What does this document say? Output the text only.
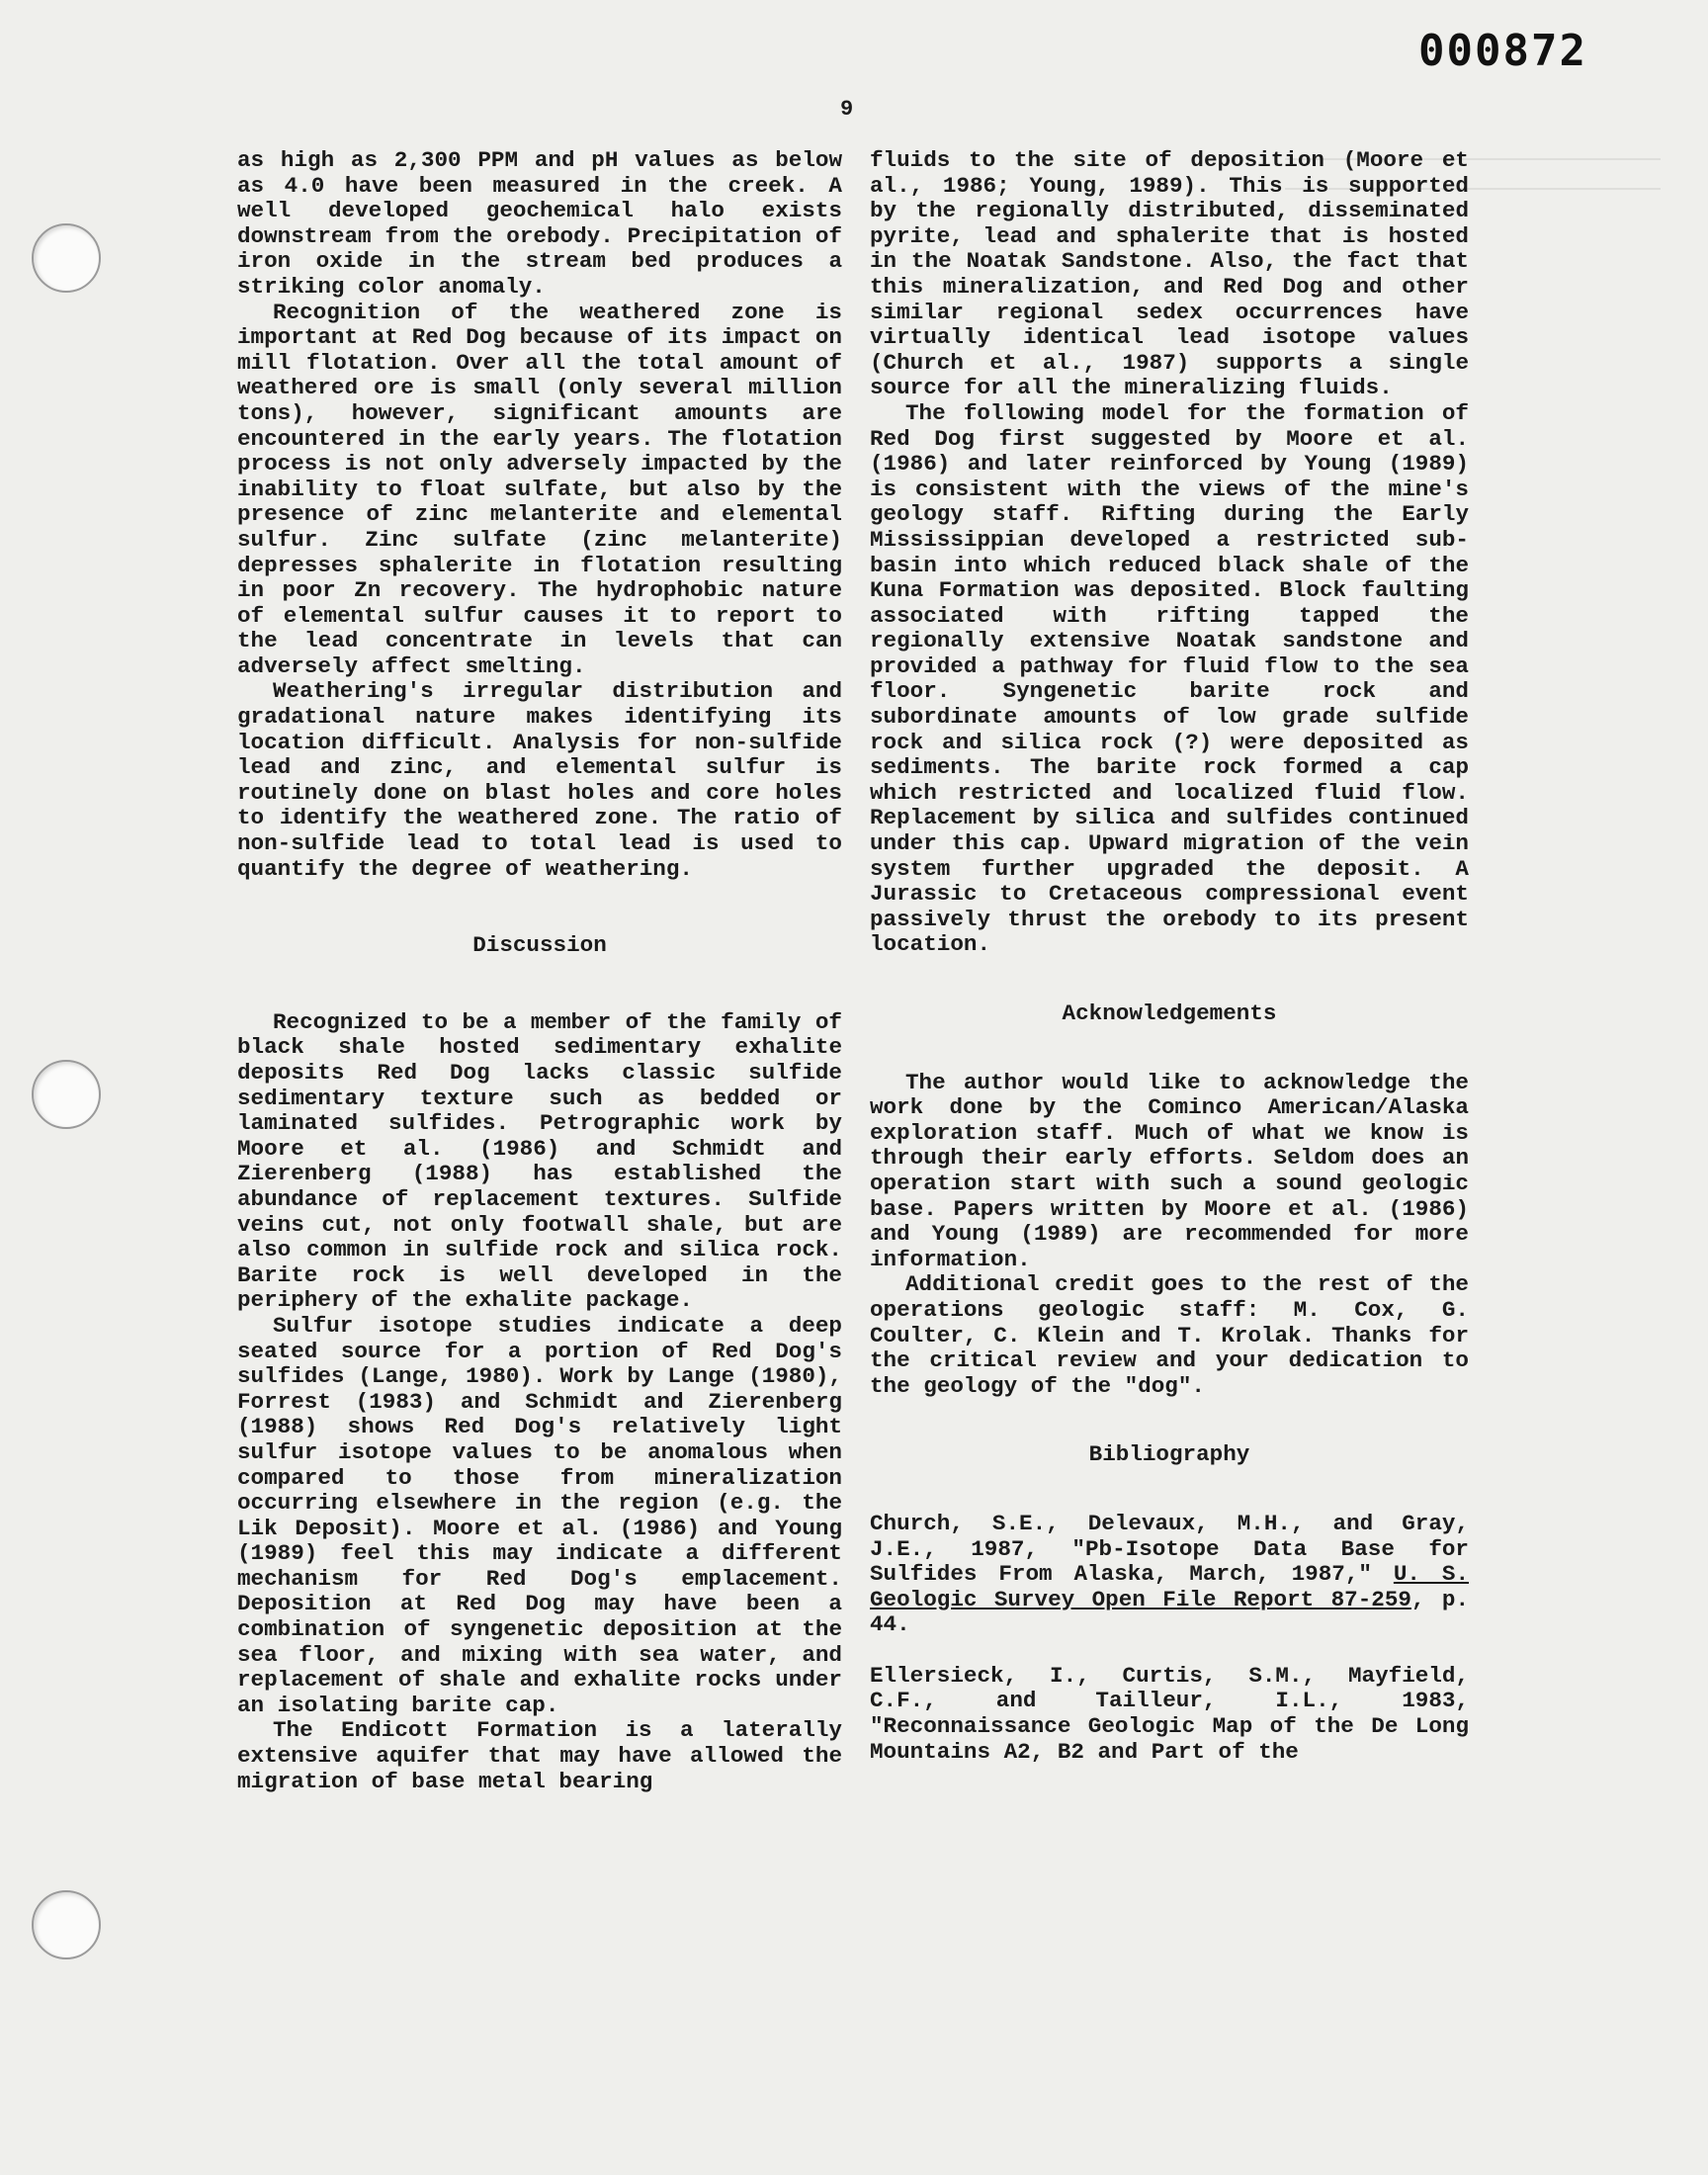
000872
9

as high as 2,300 PPM and pH values as below as 4.0 have been measured in the creek. A well developed geochemical halo exists downstream from the orebody. Precipitation of iron oxide in the stream bed produces a striking color anomaly.

Recognition of the weathered zone is important at Red Dog because of its impact on mill flotation. Over all the total amount of weathered ore is small (only several million tons), however, significant amounts are encountered in the early years. The flotation process is not only adversely impacted by the inability to float sulfate, but also by the presence of zinc melanterite and elemental sulfur. Zinc sulfate (zinc melanterite) depresses sphalerite in flotation resulting in poor Zn recovery. The hydrophobic nature of elemental sulfur causes it to report to the lead concentrate in levels that can adversely affect smelting.

Weathering's irregular distribution and gradational nature makes identifying its location difficult. Analysis for non-sulfide lead and zinc, and elemental sulfur is routinely done on blast holes and core holes to identify the weathered zone. The ratio of non-sulfide lead to total lead is used to quantify the degree of weathering.

Discussion

Recognized to be a member of the family of black shale hosted sedimentary exhalite deposits Red Dog lacks classic sulfide sedimentary texture such as bedded or laminated sulfides. Petrographic work by Moore et al. (1986) and Schmidt and Zierenberg (1988) has established the abundance of replacement textures. Sulfide veins cut, not only footwall shale, but are also common in sulfide rock and silica rock. Barite rock is well developed in the periphery of the exhalite package.

Sulfur isotope studies indicate a deep seated source for a portion of Red Dog's sulfides (Lange, 1980). Work by Lange (1980), Forrest (1983) and Schmidt and Zierenberg (1988) shows Red Dog's relatively light sulfur isotope values to be anomalous when compared to those from mineralization occurring elsewhere in the region (e.g. the Lik Deposit). Moore et al. (1986) and Young (1989) feel this may indicate a different mechanism for Red Dog's emplacement. Deposition at Red Dog may have been a combination of syngenetic deposition at the sea floor, and mixing with sea water, and replacement of shale and exhalite rocks under an isolating barite cap.

The Endicott Formation is a laterally extensive aquifer that may have allowed the migration of base metal bearing

fluids to the site of deposition (Moore et al., 1986; Young, 1989). This is supported by the regionally distributed, disseminated pyrite, lead and sphalerite that is hosted in the Noatak Sandstone. Also, the fact that this mineralization, and Red Dog and other similar regional sedex occurrences have virtually identical lead isotope values (Church et al., 1987) supports a single source for all the mineralizing fluids.

The following model for the formation of Red Dog first suggested by Moore et al. (1986) and later reinforced by Young (1989) is consistent with the views of the mine's geology staff. Rifting during the Early Mississippian developed a restricted sub-basin into which reduced black shale of the Kuna Formation was deposited. Block faulting associated with rifting tapped the regionally extensive Noatak sandstone and provided a pathway for fluid flow to the sea floor. Syngenetic barite rock and subordinate amounts of low grade sulfide rock and silica rock (?) were deposited as sediments. The barite rock formed a cap which restricted and localized fluid flow. Replacement by silica and sulfides continued under this cap. Upward migration of the vein system further upgraded the deposit. A Jurassic to Cretaceous compressional event passively thrust the orebody to its present location.

Acknowledgements

The author would like to acknowledge the work done by the Cominco American/Alaska exploration staff. Much of what we know is through their early efforts. Seldom does an operation start with such a sound geologic base. Papers written by Moore et al. (1986) and Young (1989) are recommended for more information.

Additional credit goes to the rest of the operations geologic staff: M. Cox, G. Coulter, C. Klein and T. Krolak. Thanks for the critical review and your dedication to the geology of the "dog".

Bibliography

Church, S.E., Delevaux, M.H., and Gray, J.E., 1987, "Pb-Isotope Data Base for Sulfides From Alaska, March, 1987," U. S. Geologic Survey Open File Report 87-259, p. 44.

Ellersieck, I., Curtis, S.M., Mayfield, C.F., and Tailleur, I.L., 1983, "Reconnaissance Geologic Map of the De Long Mountains A2, B2 and Part of the
